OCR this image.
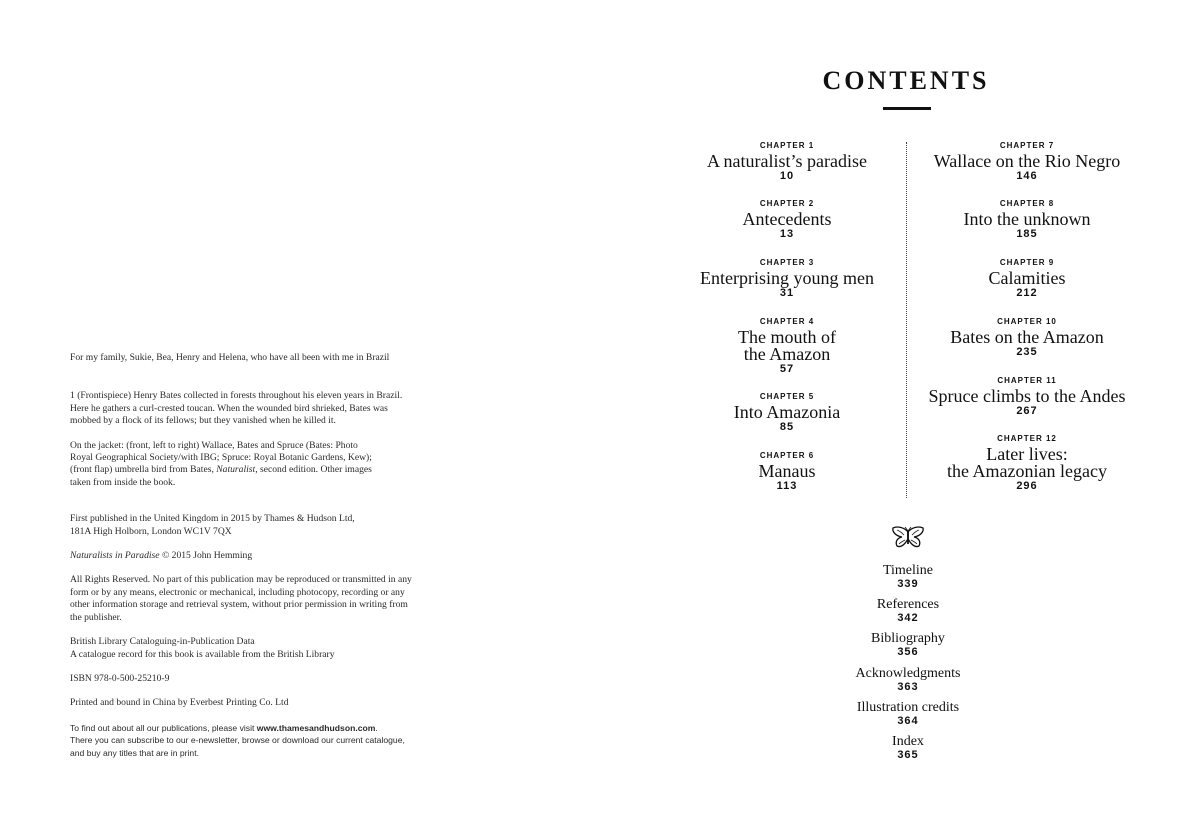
For my family, Sukie, Bea, Henry and Helena, who have all been with me in Brazil

1 (Frontispiece) Henry Bates collected in forests throughout his eleven years in Brazil.

Here he gathers a curl-crested toucan. When the wounded bird shrieked, Bates was

mobbed by a flock of its fellows; but they vanished when he killed it.

On the jacket: (front, left to right) Wallace, Bates and Spruce (Bates: Photo

Royal Geographical Society/with IBG; Spruce: Royal Botanic Gardens, Kew);

(front flap) umbrella bird from Bates, Naturalist, second edition. Other images

taken from inside the book.

First published in the United Kingdom in 2015 by Thames & Hudson Ltd,

181A High Holborn, London WC1V 7QX

Naturalists in Paradise © 2015 John Hemming

All Rights Reserved. No part of this publication may be reproduced or transmitted in any

form or by any means, electronic or mechanical, including photocopy, recording or any

other information storage and retrieval system, without prior permission in writing from

the publisher.

British Library Cataloguing-in-Publication Data

A catalogue record for this book is available from the British Library

ISBN 978-0-500-25210-9

Printed and bound in China by Everbest Printing Co. Ltd

To find out about all our publications, please visit www.thamesandhudson.com.

There you can subscribe to our e-newsletter, browse or download our current catalogue,

and buy any titles that are in print.

CONTENTS
CHAPTER 1
A naturalist’s paradise
10
CHAPTER 2
Antecedents
13
CHAPTER 3
Enterprising young men
31
CHAPTER 4
The mouth of
the Amazon
57
CHAPTER 5
Into Amazonia
85
CHAPTER 6
Manaus
113
CHAPTER 7
Wallace on the Rio Negro
146
CHAPTER 8
Into the unknown
185
CHAPTER 9
Calamities
212
CHAPTER 10
Bates on the Amazon
235
CHAPTER 11
Spruce climbs to the Andes
267
CHAPTER 12
Later lives:
the Amazonian legacy
296
Timeline
339
References
342
Bibliography
356
Acknowledgments
363
Illustration credits
364
Index
365
